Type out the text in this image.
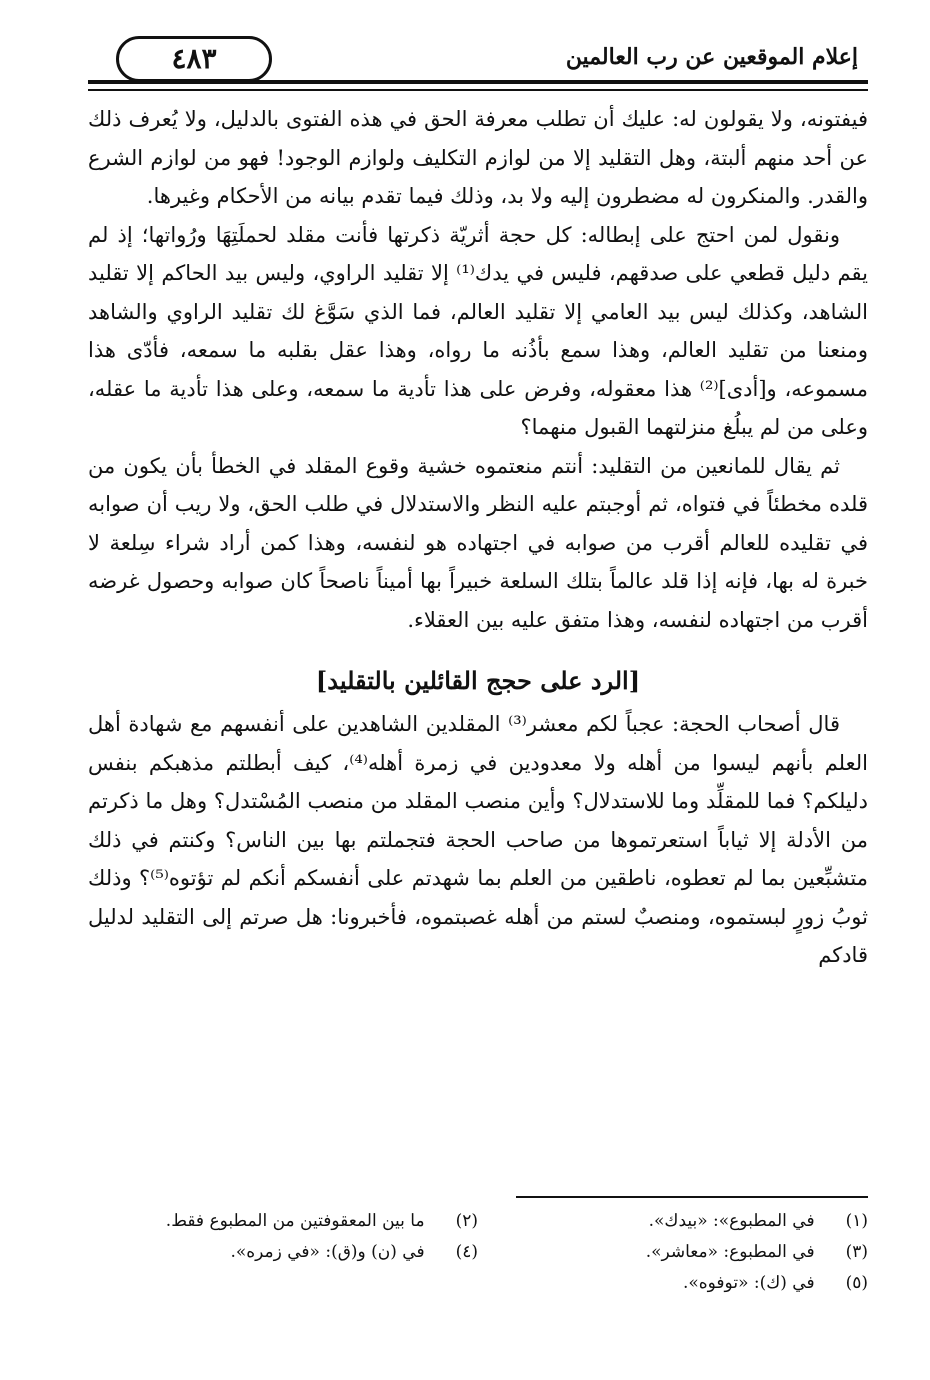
إعلام الموقعين عن رب العالمين
٤٨٣

فيفتونه، ولا يقولون له: عليك أن تطلب معرفة الحق في هذه الفتوى بالدليل، ولا يُعرف ذلك عن أحد منهم ألبتة، وهل التقليد إلا من لوازم التكليف ولوازم الوجود! فهو من لوازم الشرع والقدر. والمنكرون له مضطرون إليه ولا بد، وذلك فيما تقدم بيانه من الأحكام وغيرها.

ونقول لمن احتج على إبطاله: كل حجة أثريّة ذكرتها فأنت مقلد لحملَتِهَا ورُواتها؛ إذ لم يقم دليل قطعي على صدقهم، فليس في يدك⁽¹⁾ إلا تقليد الراوي، وليس بيد الحاكم إلا تقليد الشاهد، وكذلك ليس بيد العامي إلا تقليد العالم، فما الذي سَوَّغ لك تقليد الراوي والشاهد ومنعنا من تقليد العالم، وهذا سمع بأذُنه ما رواه، وهذا عقل بقلبه ما سمعه، فأدّى هذا مسموعه، و[أدى]⁽²⁾ هذا معقوله، وفرض على هذا تأدية ما سمعه، وعلى هذا تأدية ما عقله، وعلى من لم يبلُغ منزلتهما القبول منهما؟

ثم يقال للمانعين من التقليد: أنتم منعتموه خشية وقوع المقلد في الخطأ بأن يكون من قلده مخطئاً في فتواه، ثم أوجبتم عليه النظر والاستدلال في طلب الحق، ولا ريب أن صوابه في تقليده للعالم أقرب من صوابه في اجتهاده هو لنفسه، وهذا كمن أراد شراء سِلعة لا خبرة له بها، فإنه إذا قلد عالماً بتلك السلعة خبيراً بها أميناً ناصحاً كان صوابه وحصول غرضه أقرب من اجتهاده لنفسه، وهذا متفق عليه بين العقلاء.

[الرد على حجج القائلين بالتقليد]

قال أصحاب الحجة: عجباً لكم معشر⁽³⁾ المقلدين الشاهدين على أنفسهم مع شهادة أهل العلم بأنهم ليسوا من أهله ولا معدودين في زمرة أهله⁽⁴⁾، كيف أبطلتم مذهبكم بنفس دليلكم؟ فما للمقلِّد وما للاستدلال؟ وأين منصب المقلد من منصب المُسْتدل؟ وهل ما ذكرتم من الأدلة إلا ثياباً استعرتموها من صاحب الحجة فتجملتم بها بين الناس؟ وكنتم في ذلك متشبِّعين بما لم تعطوه، ناطقين من العلم بما شهدتم على أنفسكم أنكم لم تؤتوه⁽⁵⁾؟ وذلك ثوبُ زورٍ لبستموه، ومنصبٌ لستم من أهله غصبتموه، فأخبرونا: هل صرتم إلى التقليد لدليل قادكم

(١) في المطبوع»: «بيدك».
(٢) ما بين المعقوفتين من المطبوع فقط.
(٣) في المطبوع: «معاشر».
(٤) في (ن) و(ق): «في زمره».
(٥) في (ك): «توفوه».
